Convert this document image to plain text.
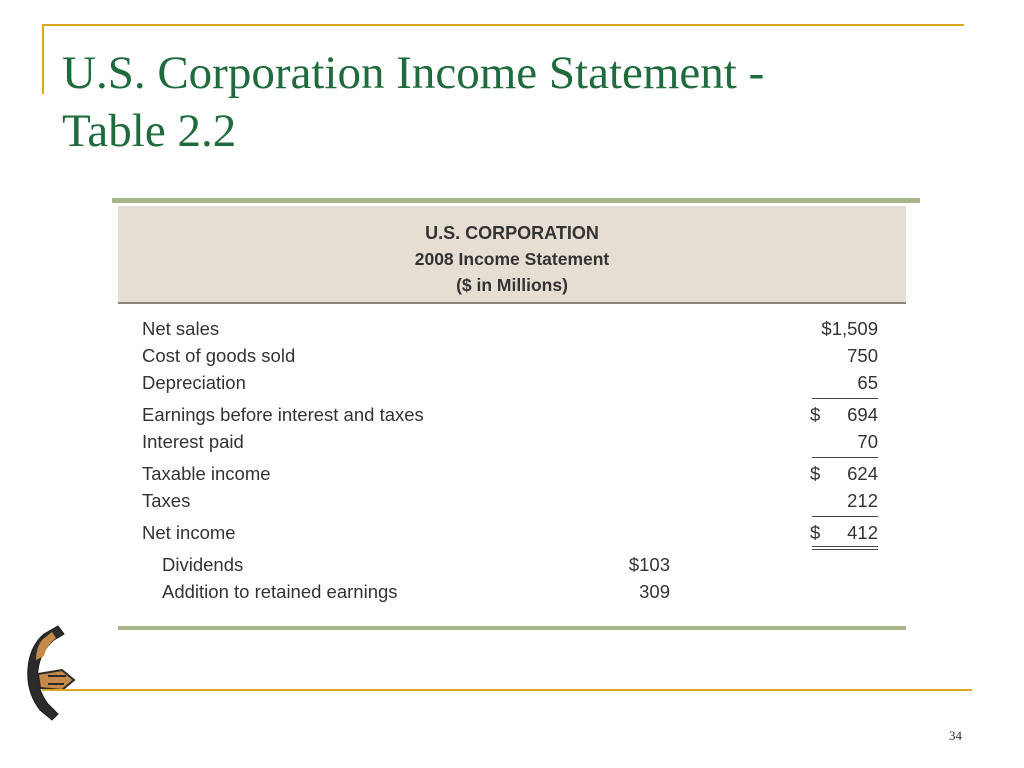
U.S. Corporation Income Statement -
Table 2.2
U.S. CORPORATION
2008 Income Statement
($ in Millions)
Net sales	$1,509
Cost of goods sold	750
Depreciation	65
Earnings before interest and taxes	$ 694
Interest paid	70
Taxable income	$ 624
Taxes	212
Net income	$ 412
Dividends	$103
Addition to retained earnings	309
34
